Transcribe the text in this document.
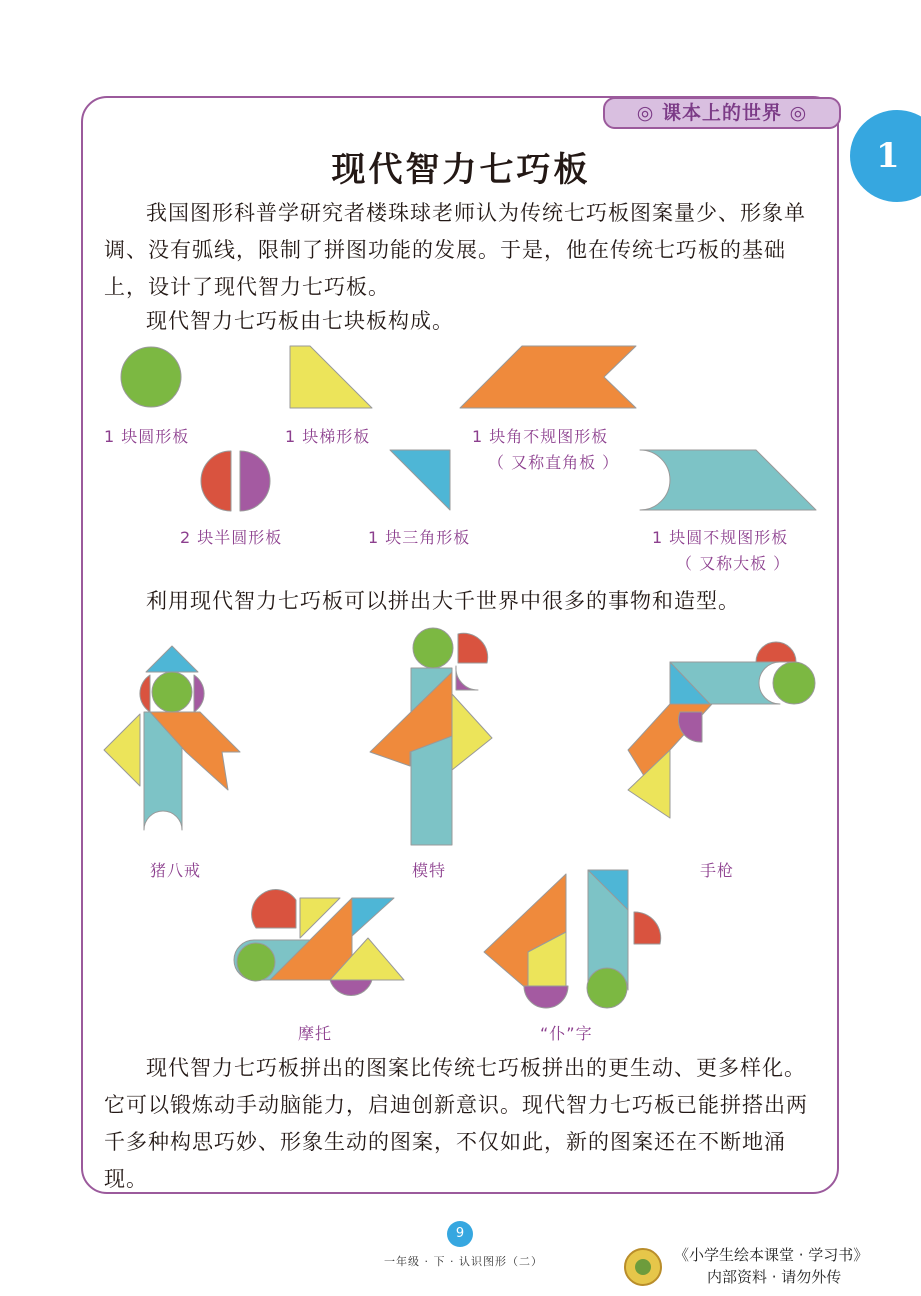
◎ 课本上的世界 ◎
1
现代智力七巧板

我国图形科普学研究者楼珠球老师认为传统七巧板图案量少、形象单调、没有弧线，限制了拼图功能的发展。于是，他在传统七巧板的基础上，设计了现代智力七巧板。

现代智力七巧板由七块板构成。

1 块圆形板	1 块梯形板	1 块角不规图形板
（ 又称直角板 ）
2 块半圆形板	1 块三角形板	1 块圆不规图形板
（ 又称大板 ）

利用现代智力七巧板可以拼出大千世界中很多的事物和造型。

猪八戒	模特	手枪
摩托	“仆”字

现代智力七巧板拼出的图案比传统七巧板拼出的更生动、更多样化。它可以锻炼动手动脑能力，启迪创新意识。现代智力七巧板已能拼搭出两千多种构思巧妙、形象生动的图案，不仅如此，新的图案还在不断地涌现。

9
一年级 · 下 · 认识图形（二）	《小学生绘本课堂 · 学习书》
内部资料 · 请勿外传
